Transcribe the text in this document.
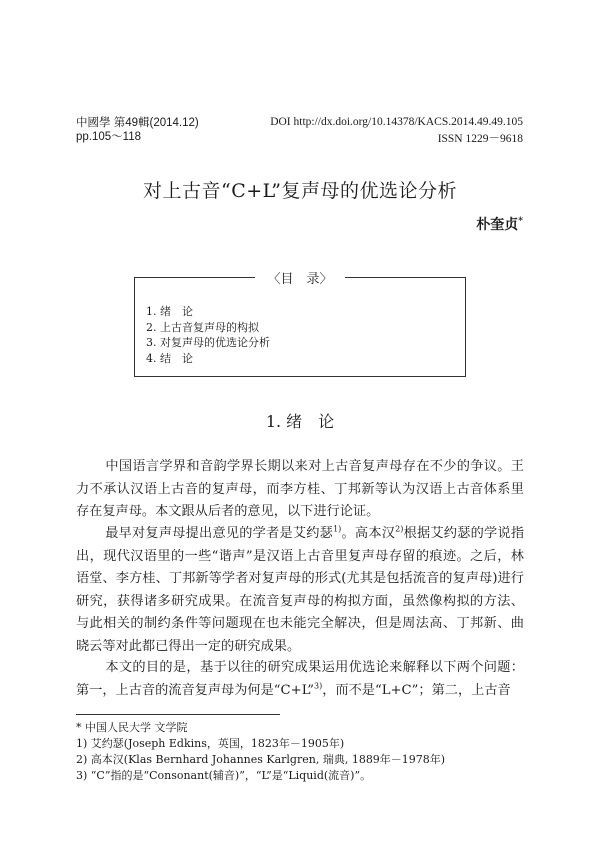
中國學 第49輯(2014.12)
pp.105～118
DOI http://dx.doi.org/10.14378/KACS.2014.49.49.105
ISSN 1229－9618
对上古音“C+L”复声母的优选论分析
朴奎贞*
〈目　录〉
1. 绪　论
2. 上古音复声母的构拟
3. 对复声母的优选论分析
4. 结　论
1. 绪　论

中国语言学界和音韵学界长期以来对上古音复声母存在不少的争议。王力不承认汉语上古音的复声母，而李方桂、丁邦新等认为汉语上古音体系里存在复声母。本文跟从后者的意见，以下进行论证。

最早对复声母提出意见的学者是艾约瑟$^{1)}$。高本汉$^{2)}$根据艾约瑟的学说指出，现代汉语里的一些“谐声”是汉语上古音里复声母存留的痕迹。之后，林语堂、李方桂、丁邦新等学者对复声母的形式(尤其是包括流音的复声母)进行研究，获得诸多研究成果。在流音复声母的构拟方面，虽然像构拟的方法、与此相关的制约条件等问题现在也未能完全解决，但是周法高、丁邦新、曲晓云等对此都已得出一定的研究成果。

本文的目的是，基于以往的研究成果运用优选论来解释以下两个问题：第一，上古音的流音复声母为何是“C+L”$^{3)}$，而不是“L+C”；第二，上古音

* 中国人民大学 文学院
1) 艾约瑟(Joseph Edkins，英国，1823年－1905年)
2) 高本汉(Klas Bernhard Johannes Karlgren, 瑞典, 1889年－1978年)
3) “C”指的是“Consonant(辅音)”，“L”是“Liquid(流音)”。
